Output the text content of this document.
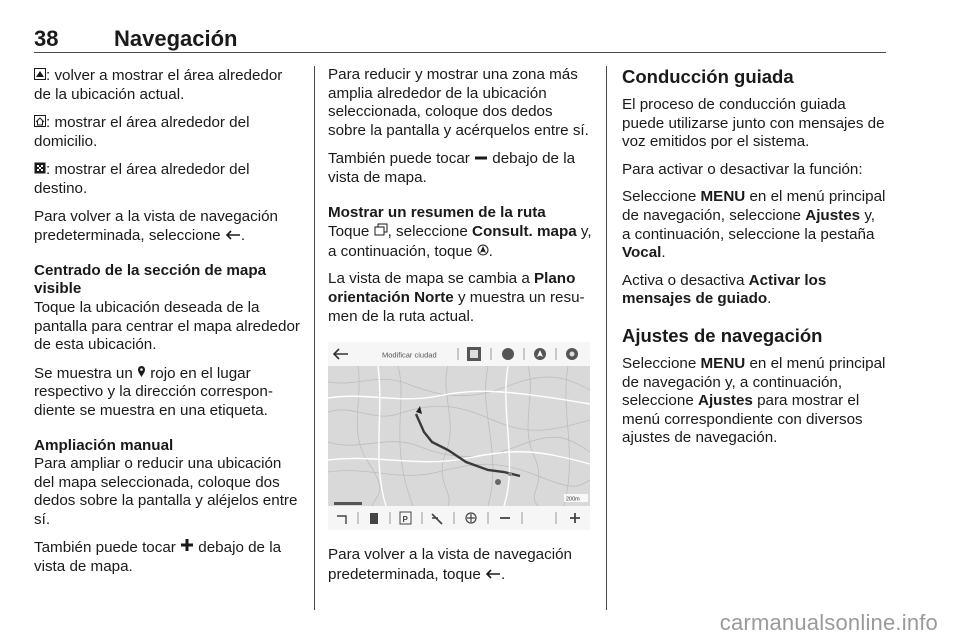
38	Navegación

: volver a mostrar el área alrededor de la ubicación actual.

: mostrar el área alrededor del domicilio.

: mostrar el área alrededor del destino.

Para volver a la vista de navegación predeterminada, seleccione .

Centrado de la sección de mapa visible

Toque la ubicación deseada de la pantalla para centrar el mapa alrededor de esta ubicación.

Se muestra un  rojo en el lugar respectivo y la dirección correspondiente se muestra en una etiqueta.

Ampliación manual

Para ampliar o reducir una ubicación del mapa seleccionada, coloque dos dedos sobre la pantalla y aléjelos entre sí.

También puede tocar  debajo de la vista de mapa.

Para reducir y mostrar una zona más amplia alrededor de la ubicación seleccionada, coloque dos dedos sobre la pantalla y acérquelos entre sí.

También puede tocar  debajo de la vista de mapa.

Mostrar un resumen de la ruta

Toque , seleccione Consult. mapa y, a continuación, toque .

La vista de mapa se cambia a Plano orientación Norte y muestra un resumen de la ruta actual.

Modificar ciudad
200m
P

Para volver a la vista de navegación predeterminada, toque .

Conducción guiada

El proceso de conducción guiada puede utilizarse junto con mensajes de voz emitidos por el sistema.

Para activar o desactivar la función:

Seleccione MENU en el menú principal de navegación, seleccione Ajustes y, a continuación, seleccione la pestaña Vocal.

Activa o desactiva Activar los mensajes de guiado.

Ajustes de navegación

Seleccione MENU en el menú principal de navegación y, a continuación, seleccione Ajustes para mostrar el menú correspondiente con diversos ajustes de navegación.

carmanualsonline.info
